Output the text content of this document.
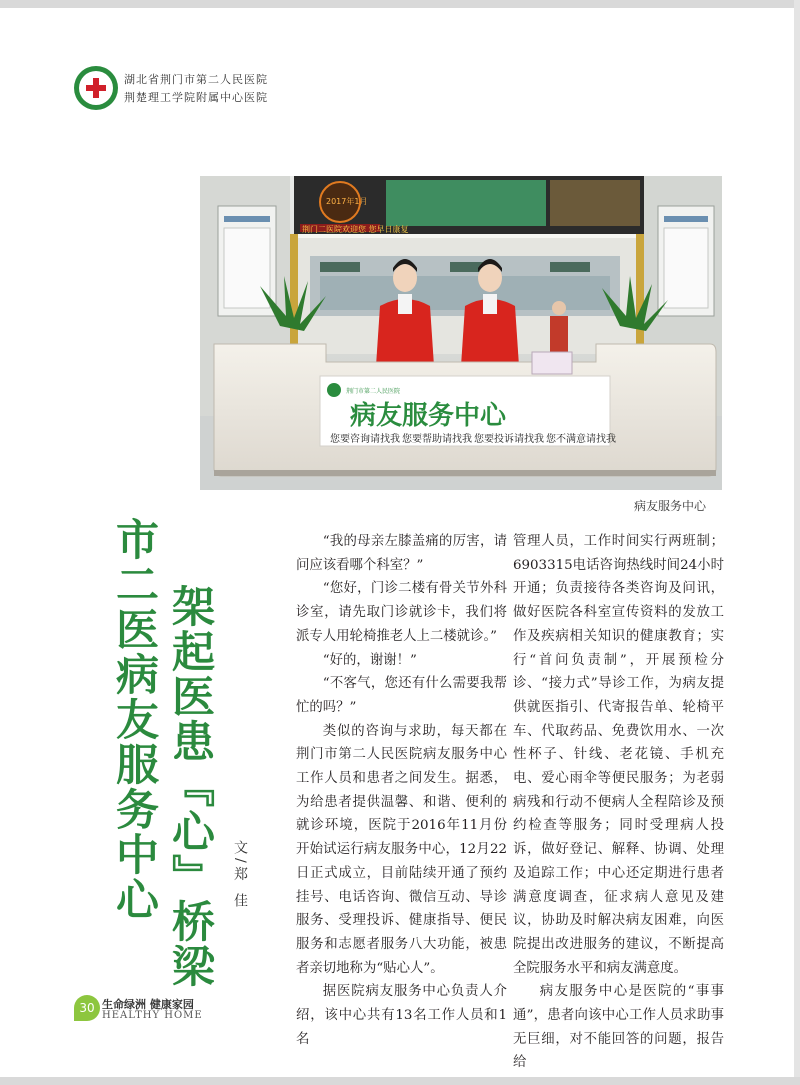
湖北省荆门市第二人民医院
荆楚理工学院附属中心医院
您要咨询请找我 您要帮助请找我 您要投诉请找我 您不满意请找我
病友服务中心
荆门市第二人民医院
荆门二医院欢迎您 您早日康复
2017年1月
病友服务中心
市二医病友服务中心 架起医患『心』桥梁 文/郑 佳

“我的母亲左膝盖痛的厉害，请问应该看哪个科室？”

“您好，门诊二楼有骨关节外科诊室，请先取门诊就诊卡，我们将派专人用轮椅推老人上二楼就诊。”

“好的，谢谢！”

“不客气，您还有什么需要我帮忙的吗？”

类似的咨询与求助，每天都在荆门市第二人民医院病友服务中心工作人员和患者之间发生。据悉，为给患者提供温馨、和谐、便利的就诊环境，医院于2016年11月份开始试运行病友服务中心，12月22日正式成立，目前陆续开通了预约挂号、电话咨询、微信互动、导诊服务、受理投诉、健康指导、便民服务和志愿者服务八大功能，被患者亲切地称为“贴心人”。

据医院病友服务中心负责人介绍，该中心共有13名工作人员和1名

管理人员，工作时间实行两班制；6903315电话咨询热线时间24小时开通；负责接待各类咨询及问讯，做好医院各科室宣传资料的发放工作及疾病相关知识的健康教育；实行“首问负责制”，开展预检分诊、“接力式”导诊工作，为病友提供就医指引、代寄报告单、轮椅平车、代取药品、免费饮用水、一次性杯子、针线、老花镜、手机充电、爱心雨伞等便民服务；为老弱病残和行动不便病人全程陪诊及预约检查等服务；同时受理病人投诉，做好登记、解释、协调、处理及追踪工作；中心还定期进行患者满意度调查，征求病人意见及建议，协助及时解决病友困难，向医院提出改进服务的建议，不断提高全院服务水平和病友满意度。

病友服务中心是医院的“事事通”，患者向该中心工作人员求助事无巨细，对不能回答的问题，报告给

30 生命绿洲 健康家园
HEALTHY HOME
